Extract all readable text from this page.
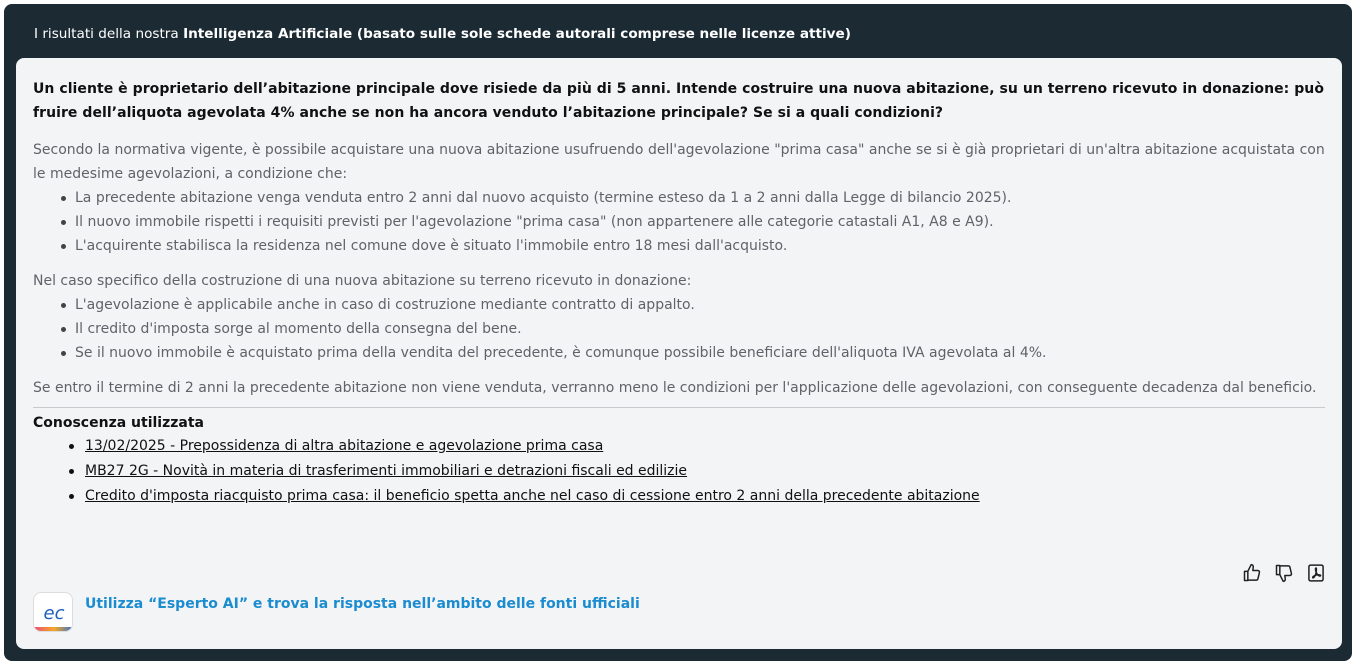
I risultati della nostra
Intelligenza Artificiale (basato sulle sole schede autorali comprese nelle licenze attive)

Un cliente è proprietario dell’abitazione principale dove risiede da più di 5 anni. Intende costruire una nuova abitazione, su un terreno ricevuto in donazione: può fruire dell’aliquota agevolata 4% anche se non ha ancora venduto l’abitazione principale? Se si a quali condizioni?

Secondo la normativa vigente, è possibile acquistare una nuova abitazione usufruendo dell'agevolazione "prima casa" anche se si è già proprietari di un'altra abitazione acquistata con le medesime agevolazioni, a condizione che:

La precedente abitazione venga venduta entro 2 anni dal nuovo acquisto (termine esteso da 1 a 2 anni dalla Legge di bilancio 2025).
Il nuovo immobile rispetti i requisiti previsti per l'agevolazione "prima casa" (non appartenere alle categorie catastali A1, A8 e A9).
L'acquirente stabilisca la residenza nel comune dove è situato l'immobile entro 18 mesi dall'acquisto.

Nel caso specifico della costruzione di una nuova abitazione su terreno ricevuto in donazione:

L'agevolazione è applicabile anche in caso di costruzione mediante contratto di appalto.
Il credito d'imposta sorge al momento della consegna del bene.
Se il nuovo immobile è acquistato prima della vendita del precedente, è comunque possibile beneficiare dell'aliquota IVA agevolata al 4%.

Se entro il termine di 2 anni la precedente abitazione non viene venduta, verranno meno le condizioni per l'applicazione delle agevolazioni, con conseguente decadenza dal beneficio.

Conoscenza utilizzata
13/02/2025 - Prepossidenza di altra abitazione e agevolazione prima casa
MB27 2G - Novità in materia di trasferimenti immobiliari e detrazioni fiscali ed edilizie
Credito d'imposta riacquisto prima casa: il beneficio spetta anche nel caso di cessione entro 2 anni della precedente abitazione
ec Utilizza “Esperto AI” e trova la risposta nell’ambito delle fonti ufficiali
